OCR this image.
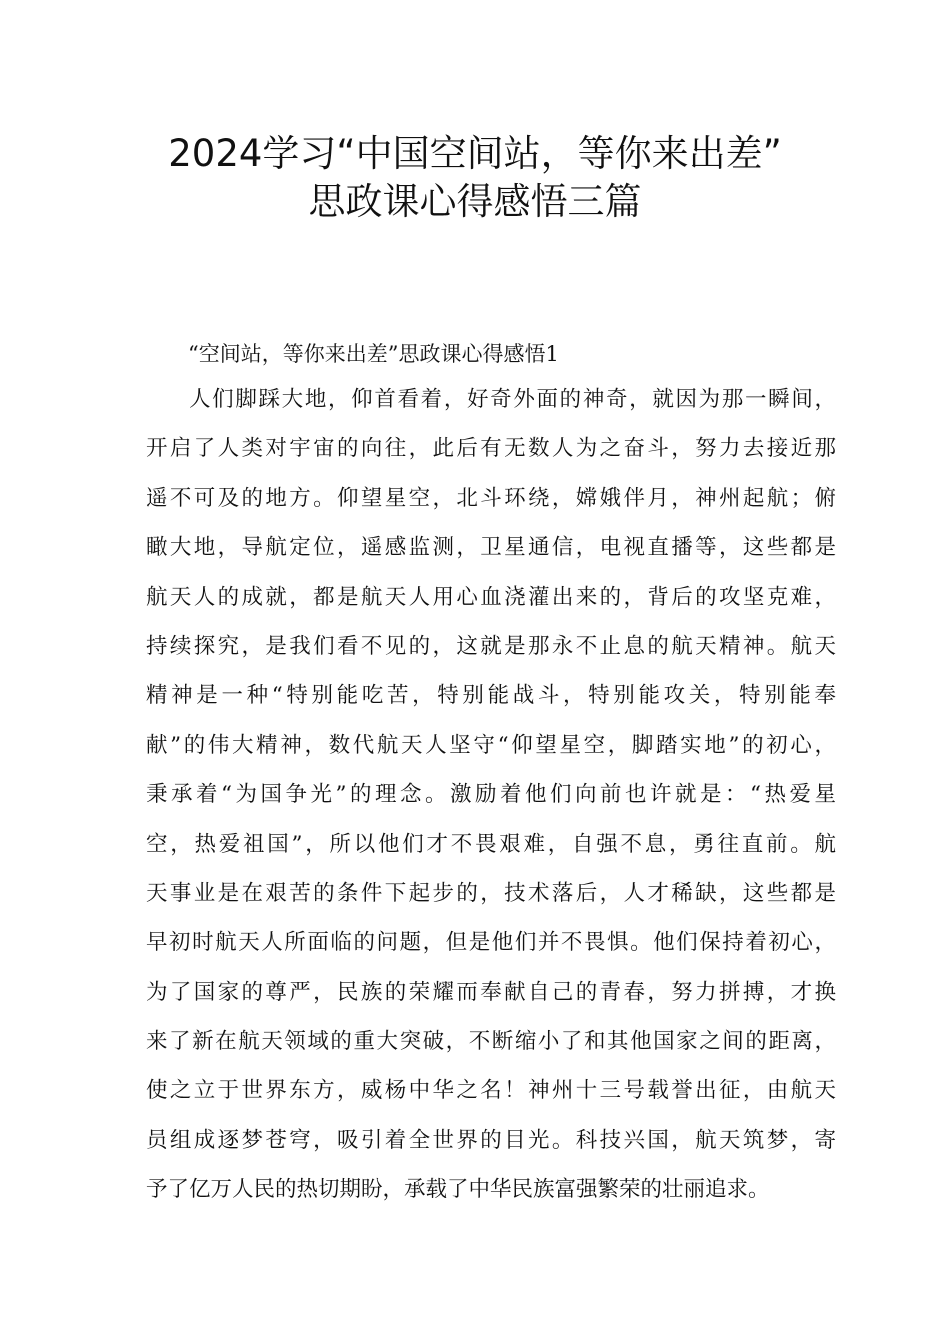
2024学习“中国空间站，等你来出差”
思政课心得感悟三篇
“空间站，等你来出差”思政课心得感悟1
人们脚踩大地，仰首看着，好奇外面的神奇，就因为那一瞬间，
开启了人类对宇宙的向往，此后有无数人为之奋斗，努力去接近那
遥不可及的地方。仰望星空，北斗环绕，嫦娥伴月，神州起航；俯
瞰大地，导航定位，遥感监测，卫星通信，电视直播等，这些都是
航天人的成就，都是航天人用心血浇灌出来的，背后的攻坚克难，
持续探究，是我们看不见的，这就是那永不止息的航天精神。航天
精神是一种“特别能吃苦，特别能战斗，特别能攻关，特别能奉
献”的伟大精神，数代航天人坚守“仰望星空，脚踏实地”的初心，
秉承着“为国争光”的理念。激励着他们向前也许就是：“热爱星
空，热爱祖国”，所以他们才不畏艰难，自强不息，勇往直前。航
天事业是在艰苦的条件下起步的，技术落后，人才稀缺，这些都是
早初时航天人所面临的问题，但是他们并不畏惧。他们保持着初心，
为了国家的尊严，民族的荣耀而奉献自己的青春，努力拼搏，才换
来了新在航天领域的重大突破，不断缩小了和其他国家之间的距离，
使之立于世界东方，威杨中华之名！神州十三号载誉出征，由航天
员组成逐梦苍穹，吸引着全世界的目光。科技兴国，航天筑梦，寄
予了亿万人民的热切期盼，承载了中华民族富强繁荣的壮丽追求。
